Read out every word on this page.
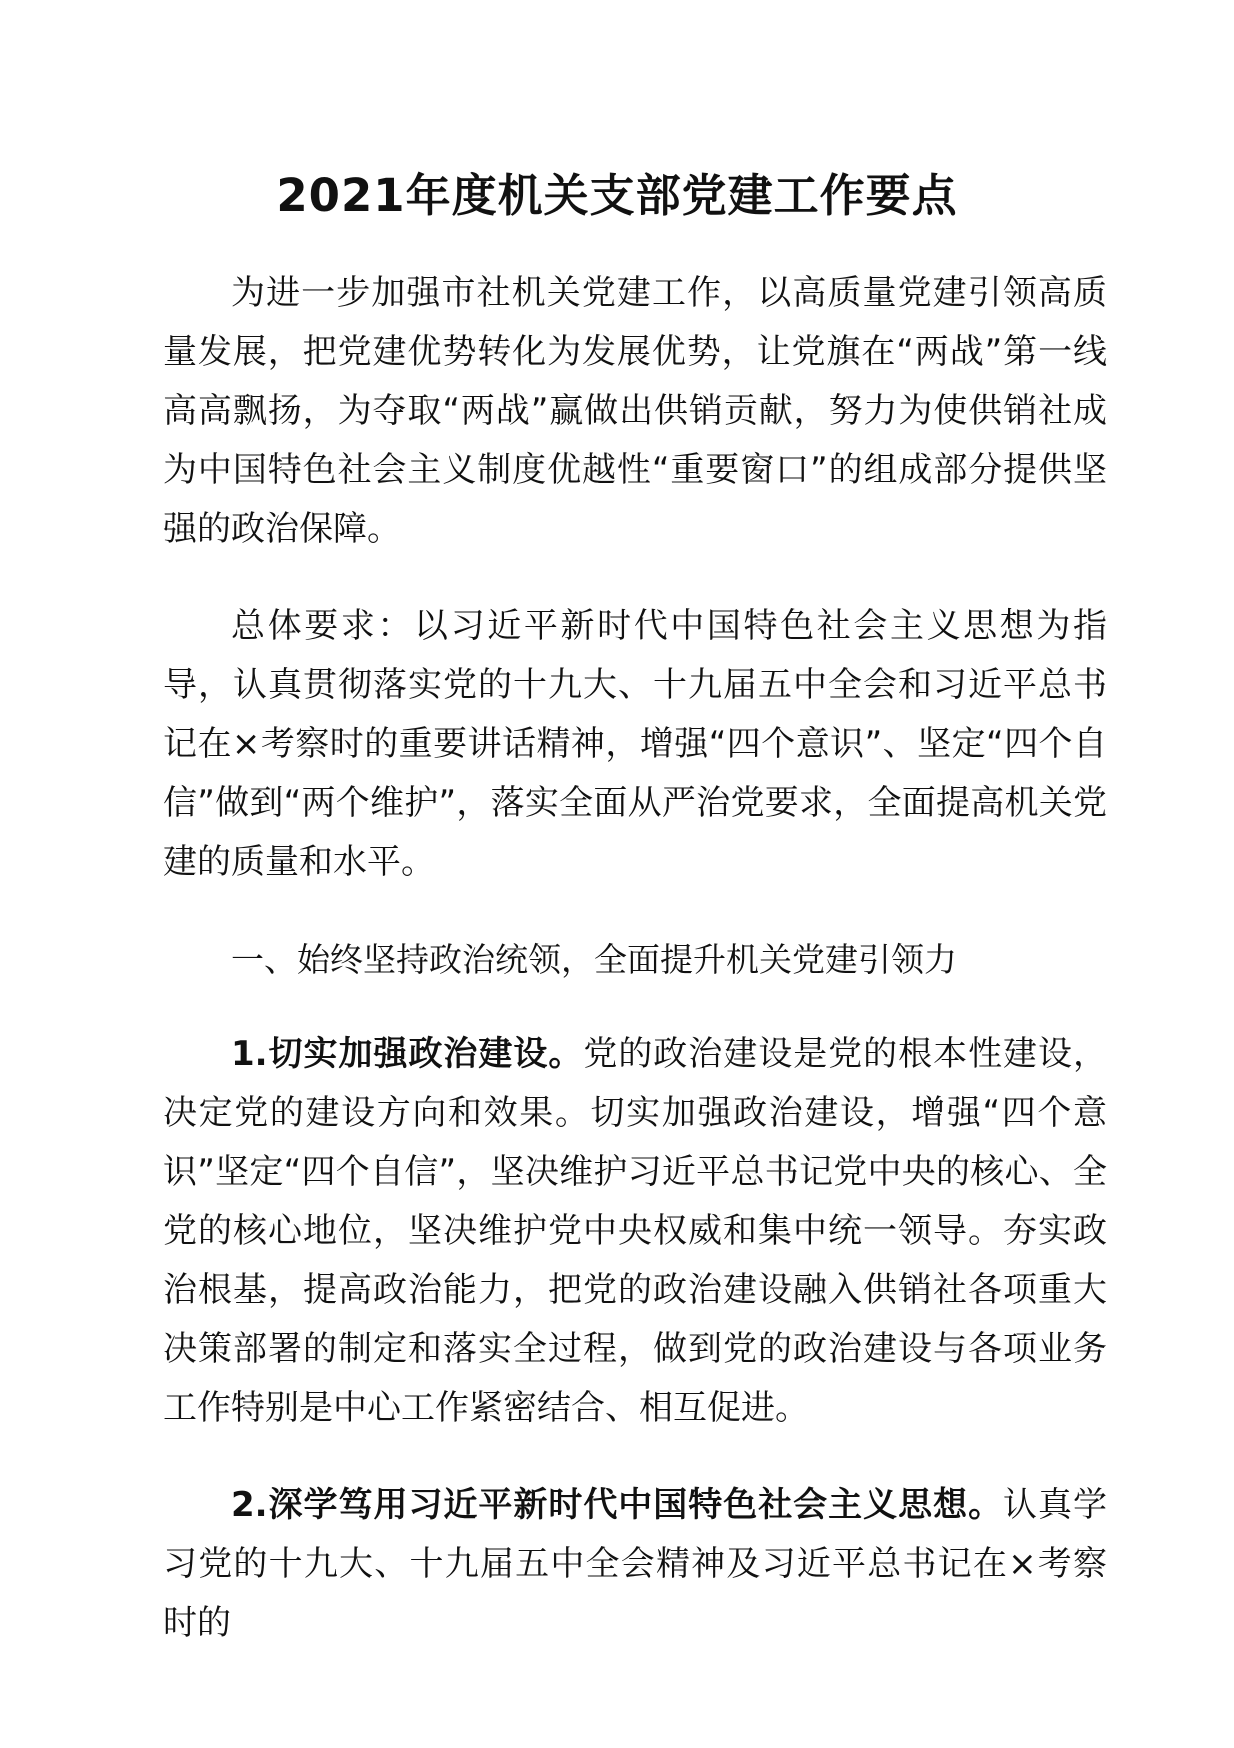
2021年度机关支部党建工作要点

为进一步加强市社机关党建工作，以高质量党建引领高质量发展，把党建优势转化为发展优势，让党旗在“两战”第一线高高飘扬，为夺取“两战”赢做出供销贡献，努力为使供销社成为中国特色社会主义制度优越性“重要窗口”的组成部分提供坚强的政治保障。

总体要求：以习近平新时代中国特色社会主义思想为指导，认真贯彻落实党的十九大、十九届五中全会和习近平总书记在×考察时的重要讲话精神，增强“四个意识”、坚定“四个自信”做到“两个维护”，落实全面从严治党要求，全面提高机关党建的质量和水平。

一、始终坚持政治统领，全面提升机关党建引领力

1.切实加强政治建设。党的政治建设是党的根本性建设，决定党的建设方向和效果。切实加强政治建设，增强“四个意识”坚定“四个自信”，坚决维护习近平总书记党中央的核心、全党的核心地位，坚决维护党中央权威和集中统一领导。夯实政治根基，提高政治能力，把党的政治建设融入供销社各项重大决策部署的制定和落实全过程，做到党的政治建设与各项业务工作特别是中心工作紧密结合、相互促进。

2.深学笃用习近平新时代中国特色社会主义思想。认真学习党的十九大、十九届五中全会精神及习近平总书记在×考察时的
